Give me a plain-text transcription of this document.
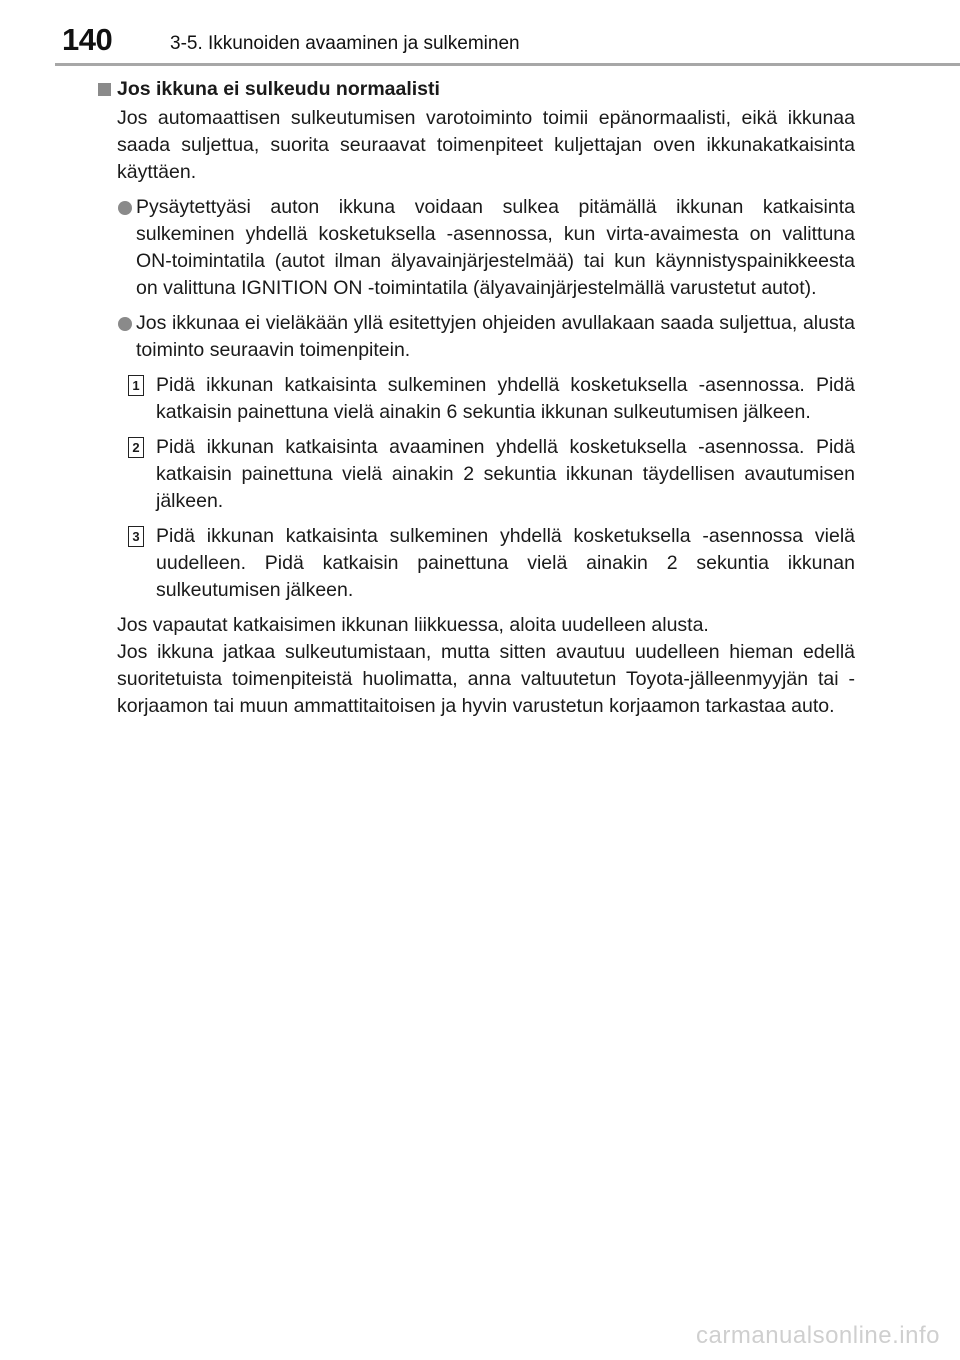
140	3-5. Ikkunoiden avaaminen ja sulkeminen
Jos ikkuna ei sulkeudu normaalisti

Jos automaattisen sulkeutumisen varotoiminto toimii epänormaalisti, eikä ikkunaa saada suljettua, suorita seuraavat toimenpiteet kuljettajan oven ikkunakatkaisinta käyttäen.

Pysäytettyäsi auton ikkuna voidaan sulkea pitämällä ikkunan katkaisinta sulkeminen yhdellä kosketuksella -asennossa, kun virta-avaimesta on valittuna ON-toimintatila (autot ilman älyavainjärjestelmää) tai kun käynnistyspainikkeesta on valittuna IGNITION ON -toimintatila (älyavainjärjestelmällä varustetut autot).
Jos ikkunaa ei vieläkään yllä esitettyjen ohjeiden avullakaan saada suljettua, alusta toiminto seuraavin toimenpitein.
1 Pidä ikkunan katkaisinta sulkeminen yhdellä kosketuksella -asennossa. Pidä katkaisin painettuna vielä ainakin 6 sekuntia ikkunan sulkeutumisen jälkeen.
2 Pidä ikkunan katkaisinta avaaminen yhdellä kosketuksella -asennossa. Pidä katkaisin painettuna vielä ainakin 2 sekuntia ikkunan täydellisen avautumisen jälkeen.
3 Pidä ikkunan katkaisinta sulkeminen yhdellä kosketuksella -asennossa vielä uudelleen. Pidä katkaisin painettuna vielä ainakin 2 sekuntia ikkunan sulkeutumisen jälkeen.

Jos vapautat katkaisimen ikkunan liikkuessa, aloita uudelleen alusta.

Jos ikkuna jatkaa sulkeutumistaan, mutta sitten avautuu uudelleen hieman edellä suoritetuista toimenpiteistä huolimatta, anna valtuutetun Toyota-jälleenmyyjän tai -korjaamon tai muun ammattitaitoisen ja hyvin varustetun korjaamon tarkastaa auto.

carmanualsonline.info
